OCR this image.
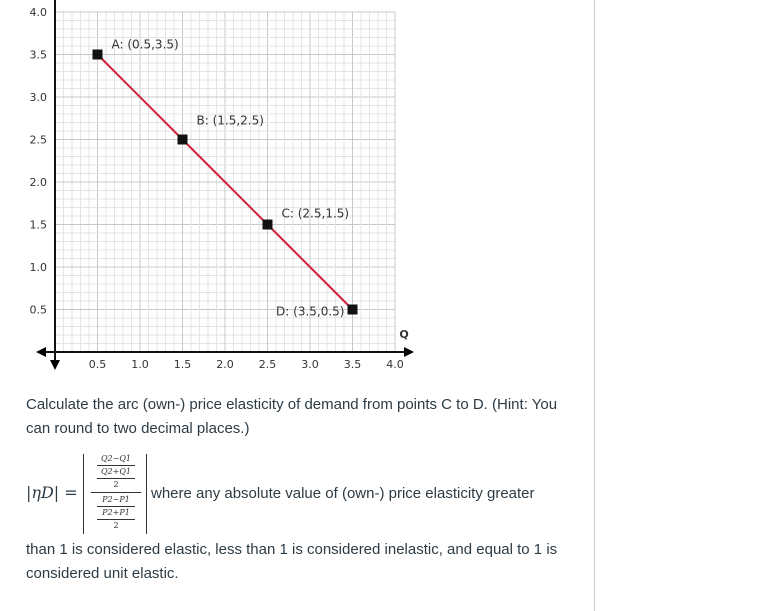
0.5 1.0 1.5 2.0 2.5 3.0 3.5 4.0
0.5
1.0
1.5
2.0
2.5
3.0
3.5
4.0
Q
A: (0.5,3.5)
B: (1.5,2.5)
C: (2.5,1.5)
D: (3.5,0.5)

Calculate the arc (own-) price elasticity of demand from points C to D. (Hint: You can round to two decimal places.)

|ηD| =
Q2−Q1
Q2+Q1
2
P2−P1
P2+P1
2
where any absolute value of (own-) price elasticity greater

than 1 is considered elastic, less than 1 is considered inelastic, and equal to 1 is considered unit elastic.
